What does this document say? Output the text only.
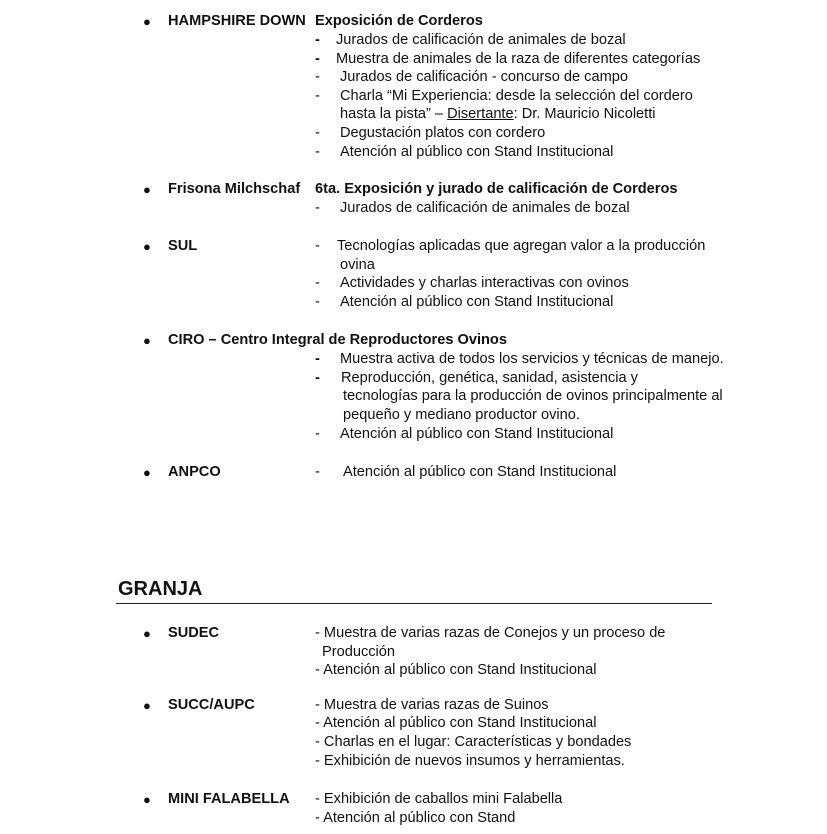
● HAMPSHIRE DOWN Exposición de Corderos
- Jurados de calificación de animales de bozal
- Muestra de animales de la raza de diferentes categorías
- Jurados de calificación - concurso de campo
- Charla “Mi Experiencia: desde la selección del cordero
hasta la pista” – Disertante: Dr. Mauricio Nicoletti
- Degustación platos con cordero
- Atención al público con Stand Institucional
● Frisona Milchschaf 6ta. Exposición y jurado de calificación de Corderos
- Jurados de calificación de animales de bozal
● SUL	- Tecnologías aplicadas que agregan valor a la producción
ovina
- Actividades y charlas interactivas con ovinos
- Atención al público con Stand Institucional
● CIRO – Centro Integral de Reproductores Ovinos
- Muestra activa de todos los servicios y técnicas de manejo.
- Reproducción, genética, sanidad, asistencia y
tecnologías para la producción de ovinos principalmente al
pequeño y mediano productor ovino.
- Atención al público con Stand Institucional
● ANPCO	- Atención al público con Stand Institucional
GRANJA
● SUDEC	- Muestra de varias razas de Conejos y un proceso de
Producción
- Atención al público con Stand Institucional
● SUCC/AUPC	- Muestra de varias razas de Suinos
- Atención al público con Stand Institucional
- Charlas en el lugar: Características y bondades
- Exhibición de nuevos insumos y herramientas.
● MINI FALABELLA - Exhibición de caballos mini Falabella
- Atención al público con Stand
